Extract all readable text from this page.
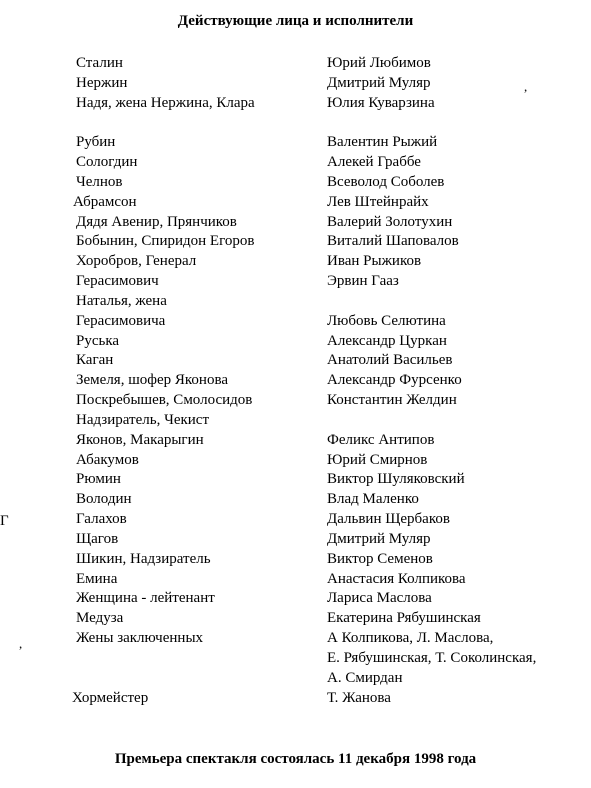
Действующие лица и исполнители
Сталин	Юрий Любимов
Нержин	Дмитрий Муляр
Надя, жена Нержина, Клара	Юлия Куварзина
Рубин	Валентин Рыжий
Сологдин	Алекей Граббе
Челнов	Всеволод Соболев
Абрамсон	Лев Штейнрайх
Дядя Авенир, Прянчиков	Валерий Золотухин
Бобынин, Спиридон Егоров	Виталий Шаповалов
Хоробров, Генерал	Иван Рыжиков
Герасимович	Эрвин Гааз
Наталья, жена
Герасимовича	Любовь Селютина
Руська	Александр Цуркан
Каган	Анатолий Васильев
Земеля, шофер Яконова	Александр Фурсенко
Поскребышев, Смолосидов	Константин Желдин
Надзиратель, Чекист
Яконов, Макарыгин	Феликс Антипов
Абакумов	Юрий Смирнов
Рюмин	Виктор Шуляковский
Володин	Влад Маленко
Галахов	Дальвин Щербаков
Щагов	Дмитрий Муляр
Шикин, Надзиратель	Виктор Семенов
Емина	Анастасия Колпикова
Женщина - лейтенант	Лариса Маслова
Медуза	Екатерина Рябушинская
Жены заключенных	А Колпикова, Л. Маслова,
Е. Рябушинская, Т. Соколинская,
А. Смирдан
Хормейстер	Т. Жанова
,
Г
,
Премьера спектакля состоялась 11 декабря 1998 года
